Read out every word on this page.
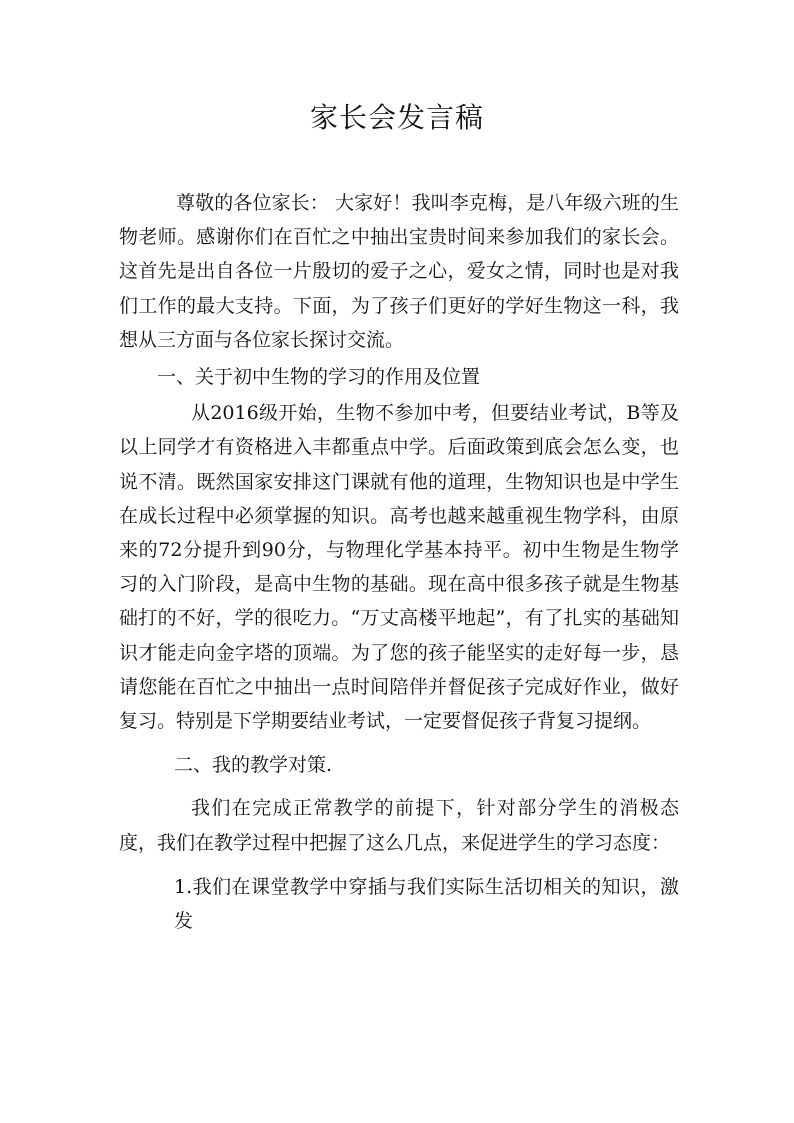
家长会发言稿

尊敬的各位家长： 大家好！我叫李克梅，是八年级六班的生物老师。感谢你们在百忙之中抽出宝贵时间来参加我们的家长会。这首先是出自各位一片殷切的爱子之心，爱女之情，同时也是对我们工作的最大支持。下面，为了孩子们更好的学好生物这一科，我想从三方面与各位家长探讨交流。

一、关于初中生物的学习的作用及位置

从2016级开始，生物不参加中考，但要结业考试，B等及以上同学才有资格进入丰都重点中学。后面政策到底会怎么变，也说不清。既然国家安排这门课就有他的道理，生物知识也是中学生在成长过程中必须掌握的知识。高考也越来越重视生物学科，由原来的72分提升到90分，与物理化学基本持平。初中生物是生物学习的入门阶段，是高中生物的基础。现在高中很多孩子就是生物基础打的不好，学的很吃力。“万丈高楼平地起”，有了扎实的基础知识才能走向金字塔的顶端。为了您的孩子能坚实的走好每一步，恳请您能在百忙之中抽出一点时间陪伴并督促孩子完成好作业，做好复习。特别是下学期要结业考试，一定要督促孩子背复习提纲。

二、我的教学对策.

我们在完成正常教学的前提下，针对部分学生的消极态度，我们在教学过程中把握了这么几点，来促进学生的学习态度：

1.我们在课堂教学中穿插与我们实际生活切相关的知识，激发
